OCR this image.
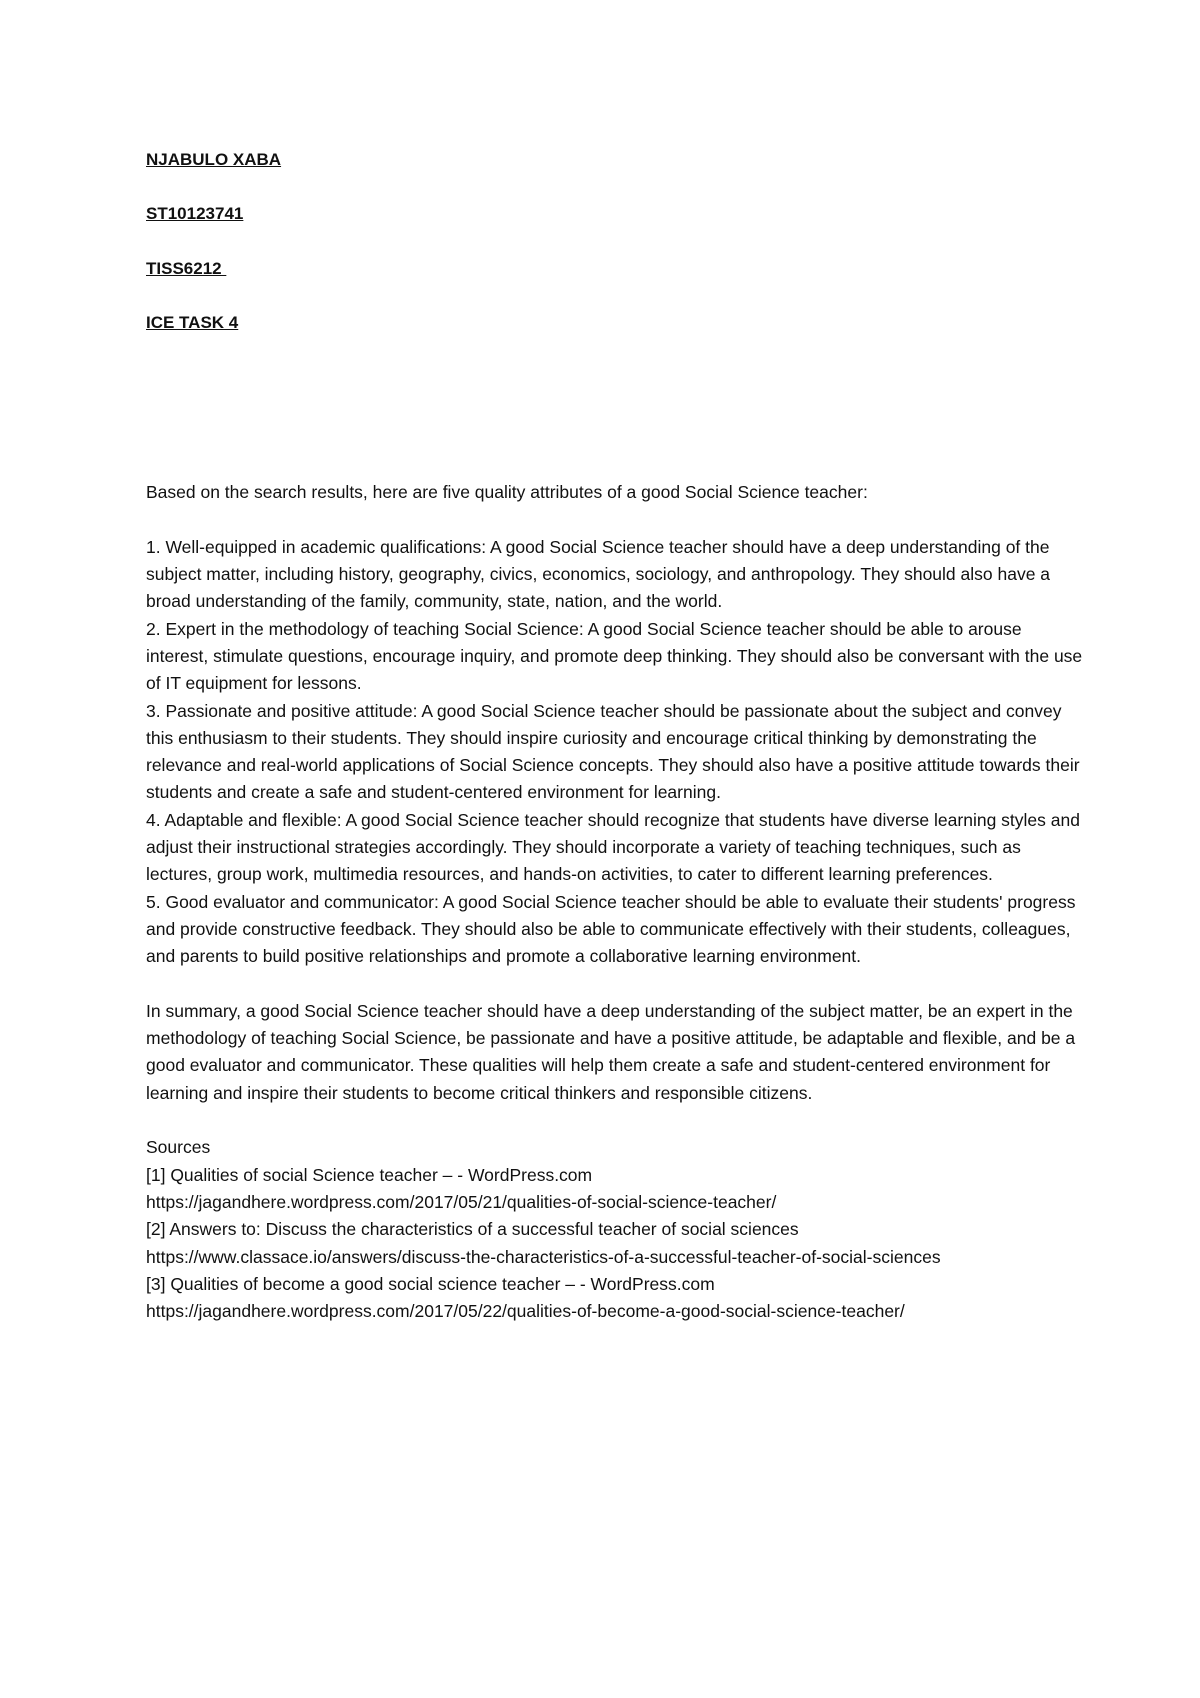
NJABULO XABA
ST10123741
TISS6212
ICE TASK 4

Based on the search results, here are five quality attributes of a good Social Science teacher:

1. Well-equipped in academic qualifications: A good Social Science teacher should have a deep understanding of the subject matter, including history, geography, civics, economics, sociology, and anthropology. They should also have a broad understanding of the family, community, state, nation, and the world.

2. Expert in the methodology of teaching Social Science: A good Social Science teacher should be able to arouse interest, stimulate questions, encourage inquiry, and promote deep thinking. They should also be conversant with the use of IT equipment for lessons.

3. Passionate and positive attitude: A good Social Science teacher should be passionate about the subject and convey this enthusiasm to their students. They should inspire curiosity and encourage critical thinking by demonstrating the relevance and real-world applications of Social Science concepts. They should also have a positive attitude towards their students and create a safe and student-centered environment for learning.

4. Adaptable and flexible: A good Social Science teacher should recognize that students have diverse learning styles and adjust their instructional strategies accordingly. They should incorporate a variety of teaching techniques, such as lectures, group work, multimedia resources, and hands-on activities, to cater to different learning preferences.

5. Good evaluator and communicator: A good Social Science teacher should be able to evaluate their students' progress and provide constructive feedback. They should also be able to communicate effectively with their students, colleagues, and parents to build positive relationships and promote a collaborative learning environment.

In summary, a good Social Science teacher should have a deep understanding of the subject matter, be an expert in the methodology of teaching Social Science, be passionate and have a positive attitude, be adaptable and flexible, and be a good evaluator and communicator. These qualities will help them create a safe and student-centered environment for learning and inspire their students to become critical thinkers and responsible citizens.

Sources

[1] Qualities of social Science teacher – - WordPress.com

https://jagandhere.wordpress.com/2017/05/21/qualities-of-social-science-teacher/

[2] Answers to: Discuss the characteristics of a successful teacher of social sciences

https://www.classace.io/answers/discuss-the-characteristics-of-a-successful-teacher-of-social-sciences

[3] Qualities of become a good social science teacher – - WordPress.com

https://jagandhere.wordpress.com/2017/05/22/qualities-of-become-a-good-social-science-teacher/
